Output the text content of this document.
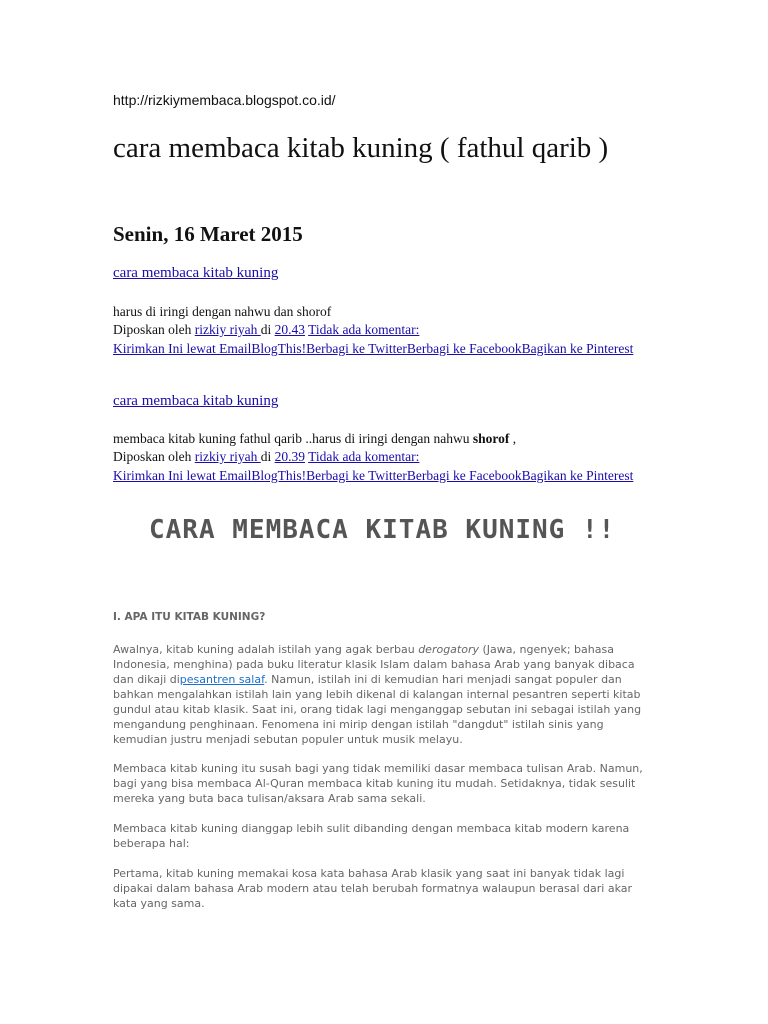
http://rizkiymembaca.blogspot.co.id/
cara membaca kitab kuning ( fathul qarib )
Senin, 16 Maret 2015
cara membaca kitab kuning
harus di iringi dengan nahwu dan shorof
Diposkan oleh rizkiy riyah di 20.43 Tidak ada komentar:
Kirimkan Ini lewat EmailBlogThis!Berbagi ke TwitterBerbagi ke FacebookBagikan ke Pinterest
cara membaca kitab kuning
membaca kitab kuning fathul qarib ..harus di iringi dengan nahwu shorof ,
Diposkan oleh rizkiy riyah di 20.39 Tidak ada komentar:
Kirimkan Ini lewat EmailBlogThis!Berbagi ke TwitterBerbagi ke FacebookBagikan ke Pinterest
CARA MEMBACA KITAB KUNING !!
I. APA ITU KITAB KUNING?

Awalnya, kitab kuning adalah istilah yang agak berbau derogatory (Jawa, ngenyek; bahasa Indonesia, menghina) pada buku literatur klasik Islam dalam bahasa Arab yang banyak dibaca dan dikaji dipesantren salaf. Namun, istilah ini di kemudian hari menjadi sangat populer dan bahkan mengalahkan istilah lain yang lebih dikenal di kalangan internal pesantren seperti kitab gundul atau kitab klasik. Saat ini, orang tidak lagi menganggap sebutan ini sebagai istilah yang mengandung penghinaan. Fenomena ini mirip dengan istilah "dangdut" istilah sinis yang kemudian justru menjadi sebutan populer untuk musik melayu.

Membaca kitab kuning itu susah bagi yang tidak memiliki dasar membaca tulisan Arab. Namun, bagi yang bisa membaca Al-Quran membaca kitab kuning itu mudah. Setidaknya, tidak sesulit mereka yang buta baca tulisan/aksara Arab sama sekali.

Membaca kitab kuning dianggap lebih sulit dibanding dengan membaca kitab modern karena beberapa hal:

Pertama, kitab kuning memakai kosa kata bahasa Arab klasik yang saat ini banyak tidak lagi dipakai dalam bahasa Arab modern atau telah berubah formatnya walaupun berasal dari akar kata yang sama.
